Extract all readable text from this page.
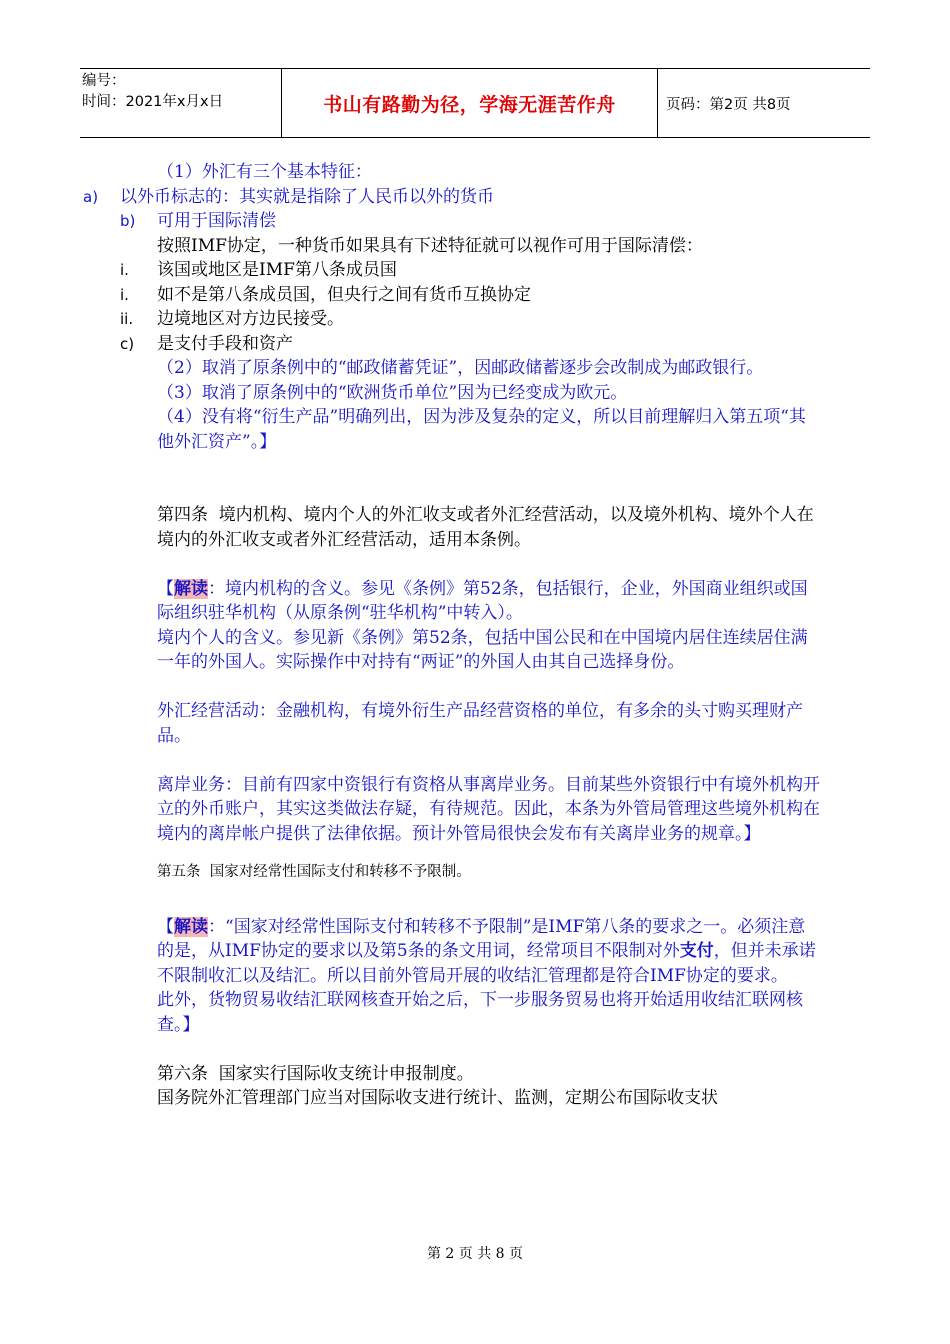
编号：
时间：2021年x月x日	书山有路勤为径，学海无涯苦作舟	页码：第2页 共8页

（1）外汇有三个基本特征：

a)	以外币标志的：其实就是指除了人民币以外的货币
b)	可用于国际清偿

按照IMF协定，一种货币如果具有下述特征就可以视作可用于国际清偿：

i.	该国或地区是IMF第八条成员国
i.	如不是第八条成员国，但央行之间有货币互换协定
ii.	边境地区对方边民接受。
c)	是支付手段和资产

（2）取消了原条例中的“邮政储蓄凭证”，因邮政储蓄逐步会改制成为邮政银行。

（3）取消了原条例中的“欧洲货币单位”因为已经变成为欧元。

（4）没有将“衍生产品”明确列出，因为涉及复杂的定义，所以目前理解归入第五项“其他外汇资产”。】

第四条  境内机构、境内个人的外汇收支或者外汇经营活动，以及境外机构、境外个人在境内的外汇收支或者外汇经营活动，适用本条例。

【解读：境内机构的含义。参见《条例》第52条，包括银行，企业，外国商业组织或国际组织驻华机构（从原条例“驻华机构”中转入）。

境内个人的含义。参见新《条例》第52条，包括中国公民和在中国境内居住连续居住满一年的外国人。实际操作中对持有“两证”的外国人由其自己选择身份。

外汇经营活动：金融机构，有境外衍生产品经营资格的单位，有多余的头寸购买理财产品。

离岸业务：目前有四家中资银行有资格从事离岸业务。目前某些外资银行中有境外机构开立的外币账户，其实这类做法存疑，有待规范。因此，本条为外管局管理这些境外机构在境内的离岸帐户提供了法律依据。预计外管局很快会发布有关离岸业务的规章。】

第五条  国家对经常性国际支付和转移不予限制。

【解读：“国家对经常性国际支付和转移不予限制”是IMF第八条的要求之一。必须注意的是，从IMF协定的要求以及第5条的条文用词，经常项目不限制对外支付，但并未承诺不限制收汇以及结汇。所以目前外管局开展的收结汇管理都是符合IMF协定的要求。

此外，货物贸易收结汇联网核查开始之后，下一步服务贸易也将开始适用收结汇联网核查。】

第六条  国家实行国际收支统计申报制度。

国务院外汇管理部门应当对国际收支进行统计、监测，定期公布国际收支状

第 2 页 共 8 页
